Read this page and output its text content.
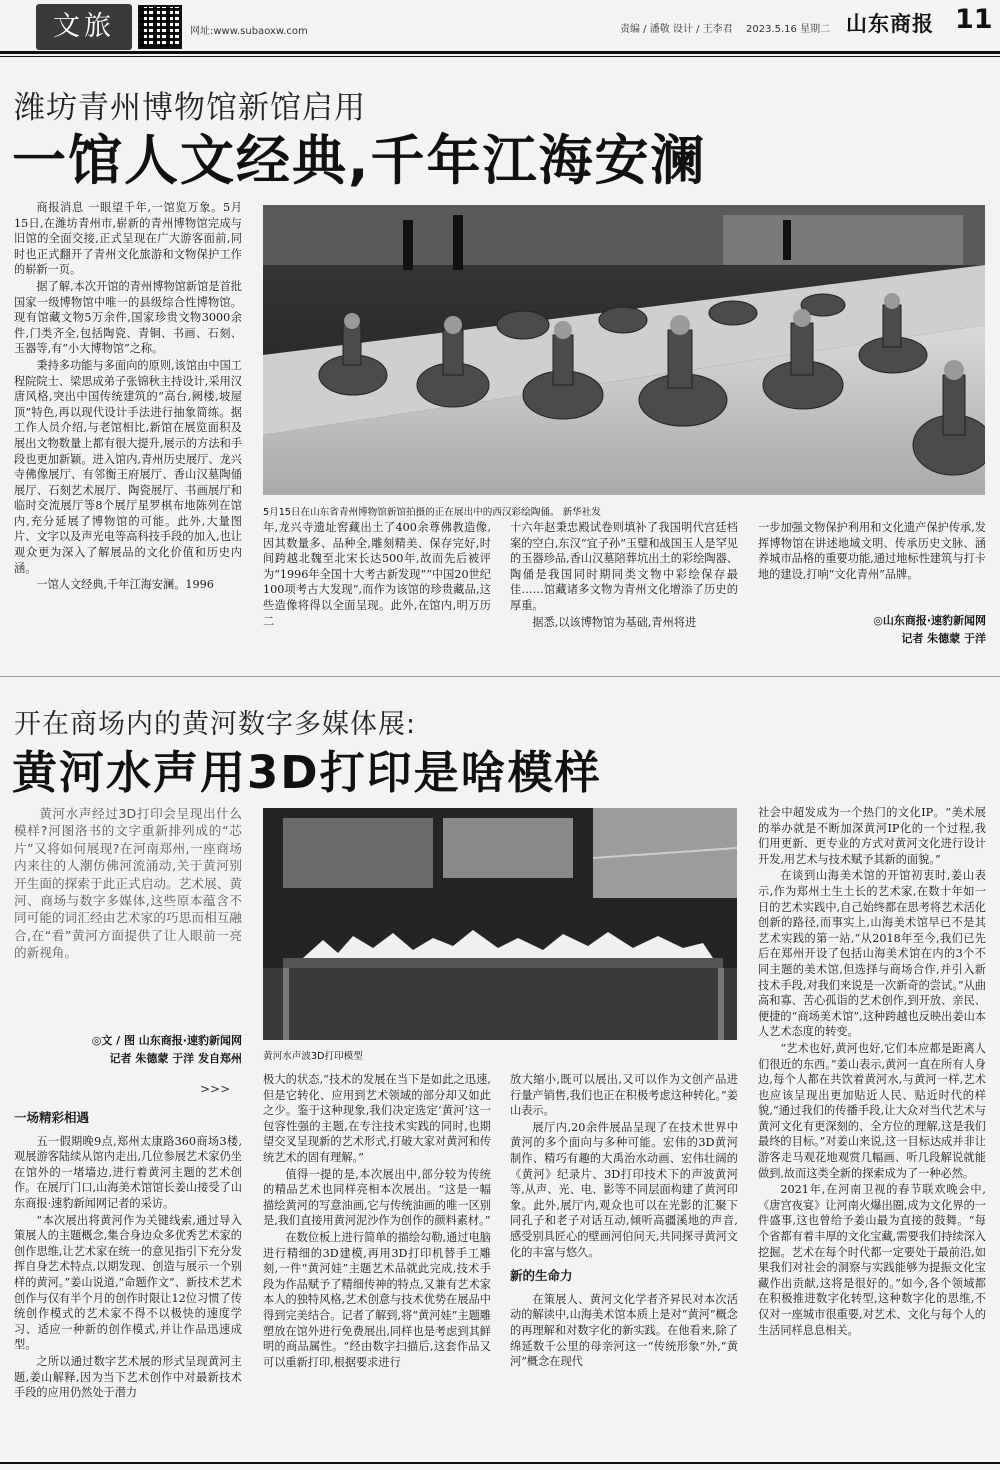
文旅	网址:www.subaoxw.com	责编 / 潘敬 设计 / 王李君 2023.5.16 星期二 山东商报 11
潍坊青州博物馆新馆启用
一馆人文经典,千年江海安澜

商报消息 一眼望千年,一馆览万象。5月15日,在潍坊青州市,崭新的青州博物馆完成与旧馆的全面交接,正式呈现在广大游客面前,同时也正式翻开了青州文化旅游和文物保护工作的崭新一页。

据了解,本次开馆的青州博物馆新馆是首批国家一级博物馆中唯一的县级综合性博物馆。现有馆藏文物5万余件,国家珍贵文物3000余件,门类齐全,包括陶瓷、青铜、书画、石刻、玉器等,有“小大博物馆”之称。

秉持多功能与多面向的原则,该馆由中国工程院院士、梁思成弟子张锦秋主持设计,采用汉唐风格,突出中国传统建筑的“高台,阙楼,坡屋顶”特色,再以现代设计手法进行抽象简练。据工作人员介绍,与老馆相比,新馆在展览面积及展出文物数量上都有很大提升,展示的方法和手段也更加新颖。进入馆内,青州历史展厅、龙兴寺佛像展厅、有邻衡王府展厅、香山汉墓陶俑展厅、石刻艺术展厅、陶瓷展厅、书画展厅和临时交流展厅等8个展厅星罗棋布地陈列在馆内,充分延展了博物馆的可能。此外,大量图片、文字以及声光电等高科技手段的加入,也让观众更为深入了解展品的文化价值和历史内涵。

一馆人文经典,千年江海安澜。1996

5月15日在山东省青州博物馆新馆拍摄的正在展出中的西汉彩绘陶俑。 新华社发

年,龙兴寺遗址窖藏出土了400余尊佛教造像,因其数量多、品种全,雕刻精美、保存完好,时间跨越北魏至北宋长达500年,故而先后被评为“1996年全国十大考古新发现”“中国20世纪100项考古大发现”,而作为该馆的珍贵藏品,这些造像将得以全面呈现。此外,在馆内,明万历二

十六年赵秉忠殿试卷则填补了我国明代宫廷档案的空白,东汉“宜子孙”玉璧和战国玉人是罕见的玉器珍品,香山汉墓陪葬坑出土的彩绘陶器、陶俑是我国同时期同类文物中彩绘保存最佳……馆藏诸多文物为青州文化增添了历史的厚重。

据悉,以该博物馆为基础,青州将进

一步加强文物保护利用和文化遗产保护传承,发挥博物馆在讲述地域文明、传承历史文脉、涵养城市品格的重要功能,通过地标性建筑与打卡地的建设,打响“文化青州”品牌。

◎山东商报·速豹新闻网
记者 朱德蒙 于洋
开在商场内的黄河数字多媒体展:
黄河水声用3D打印是啥模样

黄河水声经过3D打印会呈现出什么模样?河图洛书的文字重新排列成的“芯片”又将如何展现?在河南郑州,一座商场内来往的人潮仿佛河流涌动,关于黄河别开生面的探索于此正式启动。艺术展、黄河、商场与数字多媒体,这些原本蕴含不同可能的词汇经由艺术家的巧思而相互融合,在“看”黄河方面提供了让人眼前一亮的新视角。

◎文 / 图 山东商报·速豹新闻网
记者 朱德蒙 于洋 发自郑州
>>>
黄河水声波3D打印模型

一场精彩相遇

五一假期晚9点,郑州太康路360商场3楼,观展游客陆续从馆内走出,几位参展艺术家仍坐在馆外的一堵墙边,进行着黄河主题的艺术创作。在展厅门口,山海美术馆馆长姜山接受了山东商报·速豹新闻网记者的采访。

“本次展出将黄河作为关键线索,通过导入策展人的主题概念,集合身边众多优秀艺术家的创作思维,让艺术家在统一的意见指引下充分发挥自身艺术特点,以期发现、创造与展示一个别样的黄河。”姜山说道,“命题作文”、新技术艺术创作与仅有半个月的创作时限让12位习惯了传统创作模式的艺术家不得不以极快的速度学习、适应一种新的创作模式,并让作品迅速成型。

之所以通过数字艺术展的形式呈现黄河主题,姜山解释,因为当下艺术创作中对最新技术手段的应用仍然处于潜力

极大的状态,“技术的发展在当下是如此之迅速,但是它转化、应用到艺术领域的部分却又如此之少。鉴于这种现象,我们决定选定‘黄河’这一包容性强的主题,在专注技术实践的同时,也期望交叉呈现新的艺术形式,打破大家对黄河和传统艺术的固有理解。”

值得一提的是,本次展出中,部分较为传统的精品艺术也同样亮相本次展出。“这是一幅描绘黄河的写意油画,它与传统油画的唯一区别是,我们直接用黄河泥沙作为创作的颜料素材。”

在数位板上进行简单的描绘勾勒,通过电脑进行精细的3D建模,再用3D打印机替手工雕刻,一件“黄河娃”主题艺术品就此完成,技术手段为作品赋予了精细传神的特点,又兼有艺术家本人的独特风格,艺术创意与技术优势在展品中得到完美结合。记者了解到,将“黄河娃”主题雕塑放在馆外进行免费展出,同样也是考虑到其鲜明的商品属性。“经由数字扫描后,这套作品又可以重新打印,根据要求进行

放大缩小,既可以展出,又可以作为文创产品进行量产销售,我们也正在积极考虑这种转化。”姜山表示。

展厅内,20余件展品呈现了在技术世界中黄河的多个面向与多种可能。宏伟的3D黄河制作、精巧有趣的大禹治水动画、宏伟壮阔的《黄河》纪录片、3D打印技术下的声波黄河等,从声、光、电、影等不同层面构建了黄河印象。此外,展厅内,观众也可以在光影的汇聚下同孔子和老子对话互动,倾听高疆溪地的声音,感受别具匠心的壁画河伯问天,共同探寻黄河文化的丰富与悠久。

新的生命力

在策展人、黄河文化学者齐昇民对本次活动的解读中,山海美术馆本质上是对“黄河”概念的再理解和对数字化的新实践。在他看来,除了绵延数千公里的母亲河这一“传统形象”外,“黄河”概念在现代

社会中超发成为一个热门的文化IP。“美术展的举办就是不断加深黄河IP化的一个过程,我们用更新、更专业的方式对黄河文化进行设计开发,用艺术与技术赋予其新的面貌。”

在谈到山海美术馆的开馆初衷时,姜山表示,作为郑州土生土长的艺术家,在数十年如一日的艺术实践中,自己始终都在思考将艺术活化创新的路径,而事实上,山海美术馆早已不是其艺术实践的第一站,“从2018年至今,我们已先后在郑州开设了包括山海美术馆在内的3个不同主题的美术馆,但选择与商场合作,并引入新技术手段,对我们来说是一次新奇的尝试。”从曲高和寡、苦心孤诣的艺术创作,到开放、亲民、便捷的“商场美术馆”,这种跨越也反映出姜山本人艺术态度的转变。

“艺术也好,黄河也好,它们本应都是距离人们很近的东西。”姜山表示,黄河一直在所有人身边,每个人都在共饮着黄河水,与黄河一样,艺术也应该呈现出更加贴近人民、贴近时代的样貌,“通过我们的传播手段,让大众对当代艺术与黄河文化有更深刻的、全方位的理解,这是我们最终的目标。”对姜山来说,这一目标达成并非让游客走马观花地观赏几幅画、听几段解说就能做到,故而这类全新的探索成为了一种必然。

2021年,在河南卫视的春节联欢晚会中,《唐宫夜宴》让河南火爆出圈,成为文化界的一件盛事,这也曾给予姜山最为直接的鼓舞。“每个省都有着丰厚的文化宝藏,需要我们持续深入挖掘。艺术在每个时代都一定要处于最前沿,如果我们对社会的洞察与实践能够为提振文化宝藏作出贡献,这将是很好的。”如今,各个领域都在积极推进数字化转型,这种数字化的思维,不仅对一座城市很重要,对艺术、文化与每个人的生活同样息息相关。
